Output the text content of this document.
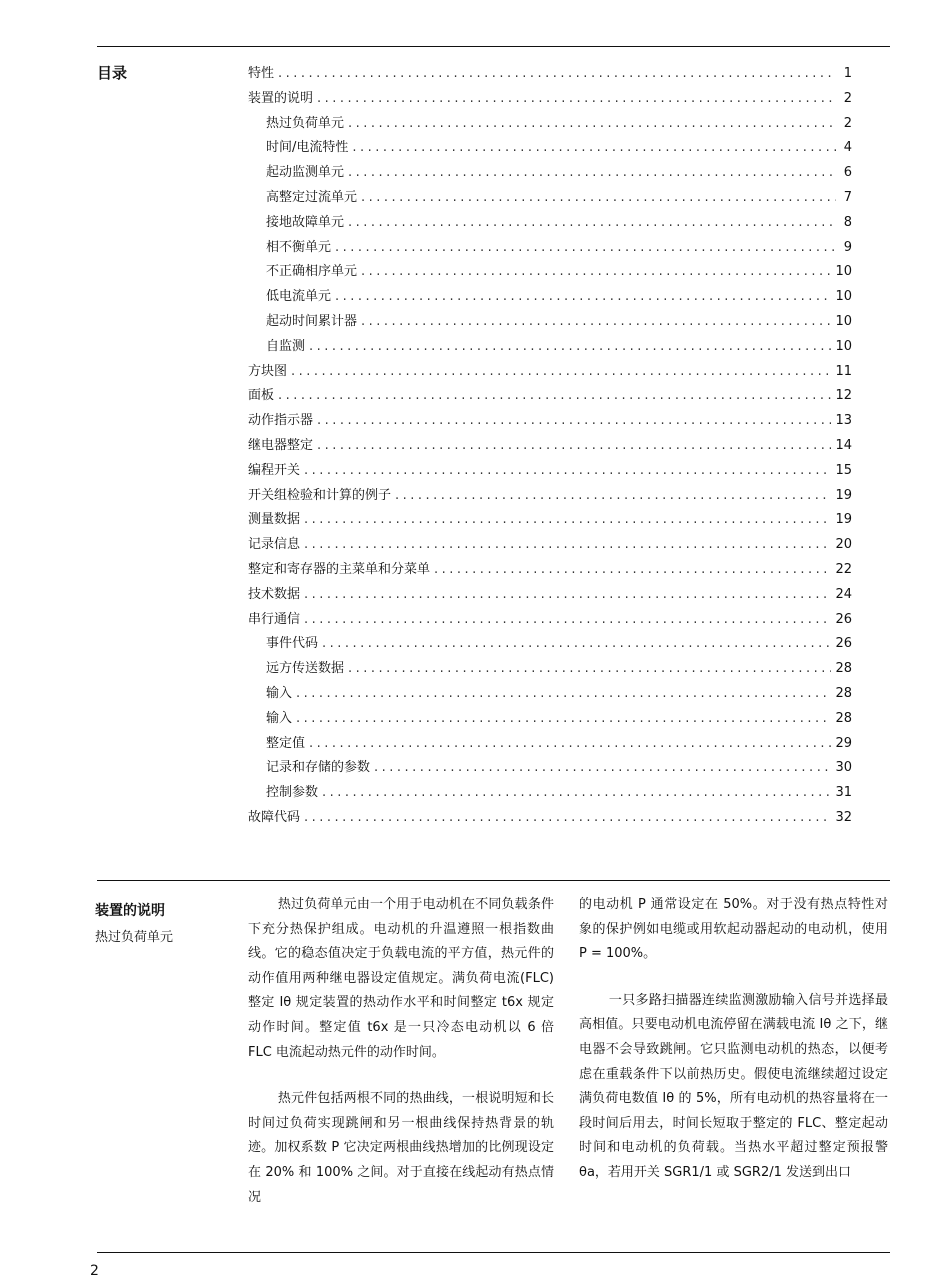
目录	特性 .....	1
装置的说明 .....	2
热过负荷单元 .....	2
时间/电流特性 .....	4
起动监测单元 .....	6
高整定过流单元 .....	7
接地故障单元 .....	8
相不衡单元 .....	9
不正确相序单元 .....	10
低电流单元 .....	10
起动时间累计器 .....	10
自监测 .....	10
方块图 .....	11
面板 .....	12
动作指示器 .....	13
继电器整定 .....	14
编程开关 .....	15
开关组检验和计算的例子 .....	19
测量数据 .....	19
记录信息 .....	20
整定和寄存器的主菜单和分菜单 .....	22
技术数据 .....	24
串行通信 .....	26
事件代码 .....	26
远方传送数据 .....	28
输入 .....	28
输入 .....	28
整定值 .....	29
记录和存储的参数 .....	30
控制参数 .....	31
故障代码 .....	32
装置的说明
热过负荷单元

热过负荷单元由一个用于电动机在不同负载条件下充分热保护组成。电动机的升温遵照一根指数曲线。它的稳态值决定于负载电流的平方值，热元件的动作值用两种继电器设定值规定。满负荷电流(FLC)整定 Iθ 规定装置的热动作水平和时间整定 t6x 规定动作时间。整定值 t6x 是一只冷态电动机以 6 倍 FLC 电流起动热元件的动作时间。

热元件包括两根不同的热曲线，一根说明短和长时间过负荷实现跳闸和另一根曲线保持热背景的轨迹。加权系数 P 它决定两根曲线热增加的比例现设定在 20% 和 100% 之间。对于直接在线起动有热点情况

的电动机 P 通常设定在 50%。对于没有热点特性对象的保护例如电缆或用软起动器起动的电动机，使用 P = 100%。

一只多路扫描器连续监测激励输入信号并选择最高相值。只要电动机电流停留在满载电流 Iθ 之下，继电器不会导致跳闸。它只监测电动机的热态，以便考虑在重载条件下以前热历史。假使电流继续超过设定满负荷电数值 Iθ 的 5%，所有电动机的热容量将在一段时间后用去，时间长短取于整定的 FLC、整定起动时间和电动机的负荷载。当热水平超过整定预报警 θa，若用开关 SGR1/1 或 SGR2/1 发送到出口

2
